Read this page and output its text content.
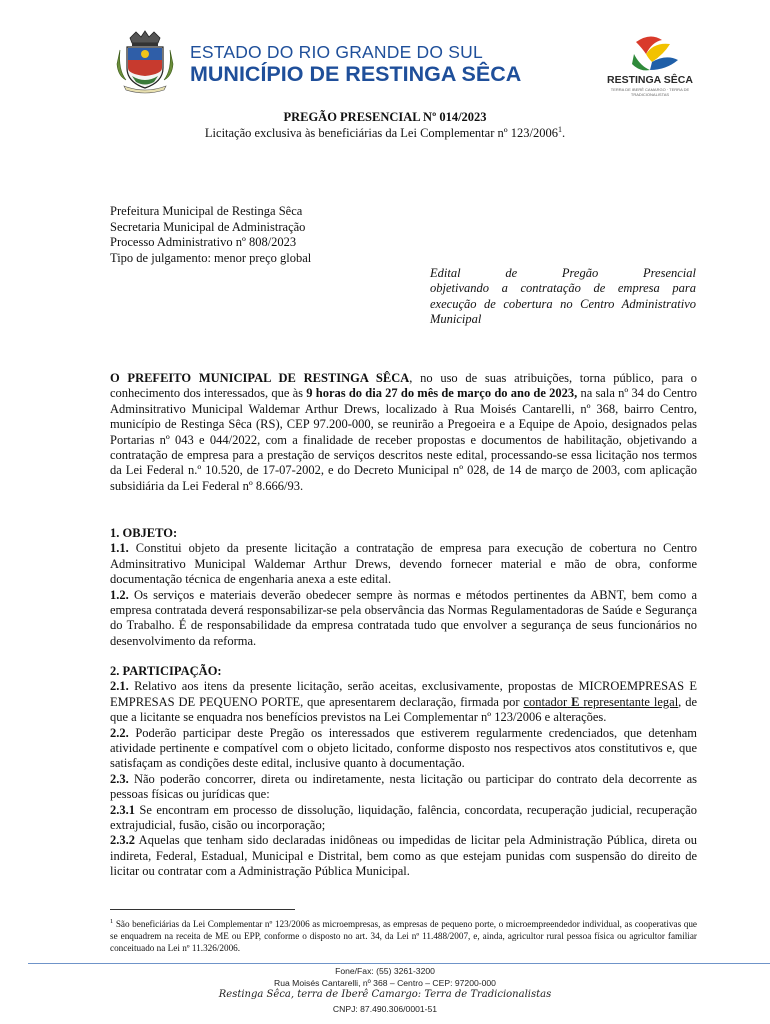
ESTADO DO RIO GRANDE DO SUL
MUNICÍPIO DE RESTINGA SÊCA	RESTINGA SÊCA
TERRA DE IBERÊ CAMARGO · TERRA DE TRADICIONALISTAS
PREGÃO PRESENCIAL Nº 014/2023
Licitação exclusiva às beneficiárias da Lei Complementar nº 123/2006$^1$.
Prefeitura Municipal de Restinga Sêca
Secretaria Municipal de Administração
Processo Administrativo nº 808/2023
Tipo de julgamento: menor preço global
Edital de Pregão Presencial
objetivando a contratação de empresa para execução de cobertura no Centro Administrativo Municipal

O PREFEITO MUNICIPAL DE RESTINGA SÊCA, no uso de suas atribuições, torna público, para o conhecimento dos interessados, que às 9 horas do dia 27 do mês de março do ano de 2023, na sala nº 34 do Centro Adminsitrativo Municipal Waldemar Arthur Drews, localizado à Rua Moisés Cantarelli, nº 368, bairro Centro, município de Restinga Sêca (RS), CEP 97.200-000, se reunirão a Pregoeira e a Equipe de Apoio, designados pelas Portarias nº 043 e 044/2022, com a finalidade de receber propostas e documentos de habilitação, objetivando a contratação de empresa para a prestação de serviços descritos neste edital, processando-se essa licitação nos termos da Lei Federal n.º 10.520, de 17-07-2002, e do Decreto Municipal nº 028, de 14 de março de 2003, com aplicação subsidiária da Lei Federal nº 8.666/93.

1. OBJETO:

1.1. Constitui objeto da presente licitação a contratação de empresa para execução de cobertura no Centro Adminsitrativo Municipal Waldemar Arthur Drews, devendo fornecer material e mão de obra, conforme documentação técnica de engenharia anexa a este edital.

1.2. Os serviços e materiais deverão obedecer sempre às normas e métodos pertinentes da ABNT, bem como a empresa contratada deverá responsabilizar-se pela observância das Normas Regulamentadoras de Saúde e Segurança do Trabalho. É de responsabilidade da empresa contratada tudo que envolver a segurança de seus funcionários no desenvolvimento da reforma.

2. PARTICIPAÇÃO:

2.1. Relativo aos itens da presente licitação, serão aceitas, exclusivamente, propostas de MICROEMPRESAS E EMPRESAS DE PEQUENO PORTE, que apresentarem declaração, firmada por contador E representante legal, de que a licitante se enquadra nos benefícios previstos na Lei Complementar nº 123/2006 e alterações.

2.2. Poderão participar deste Pregão os interessados que estiverem regularmente credenciados, que detenham atividade pertinente e compatível com o objeto licitado, conforme disposto nos respectivos atos constitutivos e, que satisfaçam as condições deste edital, inclusive quanto à documentação.

2.3. Não poderão concorrer, direta ou indiretamente, nesta licitação ou participar do contrato dela decorrente as pessoas físicas ou jurídicas que:

2.3.1 Se encontram em processo de dissolução, liquidação, falência, concordata, recuperação judicial, recuperação extrajudicial, fusão, cisão ou incorporação;

2.3.2 Aquelas que tenham sido declaradas inidôneas ou impedidas de licitar pela Administração Pública, direta ou indireta, Federal, Estadual, Municipal e Distrital, bem como as que estejam punidas com suspensão do direito de licitar ou contratar com a Administração Pública Municipal.

$^1$ São beneficiárias da Lei Complementar nº 123/2006 as microempresas, as empresas de pequeno porte, o microempreendedor individual, as cooperativas que se enquadrem na receita de ME ou EPP, conforme o disposto no art. 34, da Lei nº 11.488/2007, e, ainda, agricultor rural pessoa física ou agricultor familiar conceituado na Lei nº 11.326/2006.
Fone/Fax: (55) 3261-3200
Rua Moisés Cantarelli, nº 368 – Centro – CEP: 97200-000
Restinga Sêca, terra de Iberê Camargo: Terra de Tradicionalistas
CNPJ: 87.490.306/0001-51
